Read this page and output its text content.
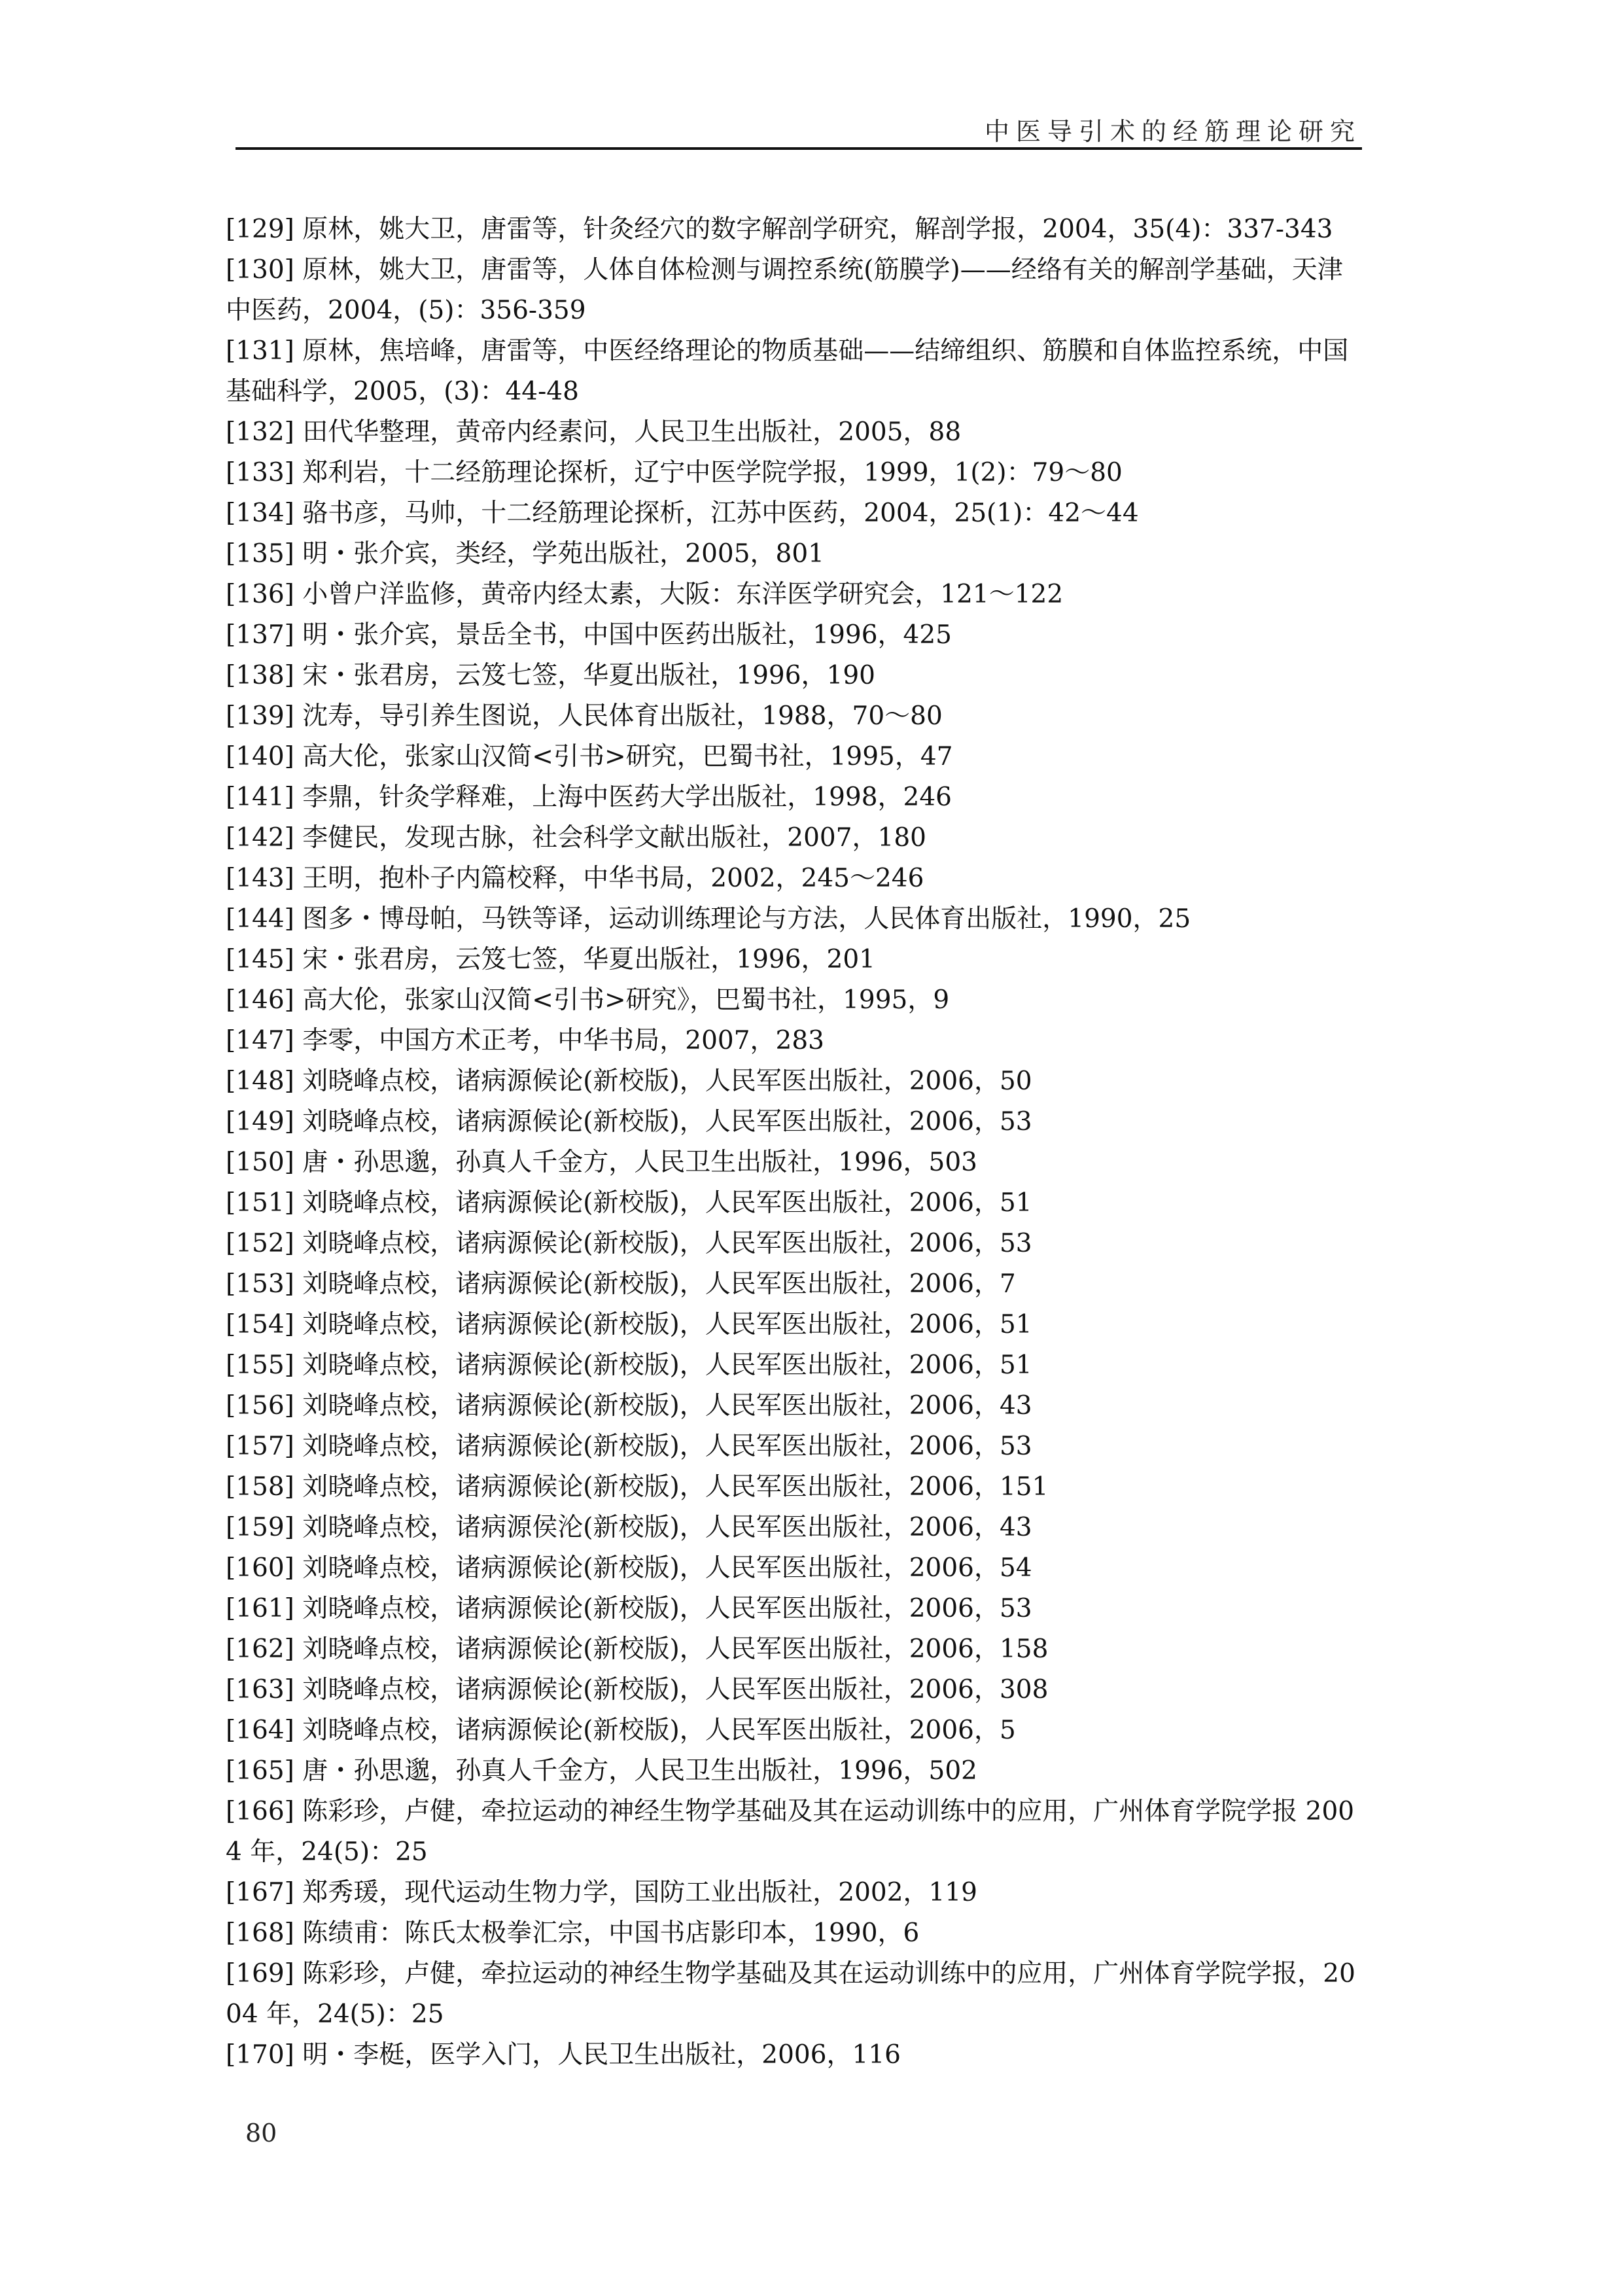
中医导引术的经筋理论研究
[129] 原林，姚大卫，唐雷等，针灸经穴的数字解剖学研究，解剖学报，2004，35(4)：337-343
[130] 原林，姚大卫，唐雷等，人体自体检测与调控系统(筋膜学)——经络有关的解剖学基础，天津中医药，2004，(5)：356-359
[131] 原林，焦培峰，唐雷等，中医经络理论的物质基础——结缔组织、筋膜和自体监控系统，中国基础科学，2005，(3)：44-48
[132] 田代华整理，黄帝内经素问，人民卫生出版社，2005，88
[133] 郑利岩，十二经筋理论探析，辽宁中医学院学报，1999，1(2)：79～80
[134] 骆书彦，马帅，十二经筋理论探析，江苏中医药，2004，25(1)：42～44
[135] 明・张介宾，类经，学苑出版社，2005，801
[136] 小曾户洋监修，黄帝内经太素，大阪：东洋医学研究会，121～122
[137] 明・张介宾，景岳全书，中国中医药出版社，1996，425
[138] 宋・张君房，云笈七签，华夏出版社，1996，190
[139] 沈寿，导引养生图说，人民体育出版社，1988，70～80
[140] 高大伦，张家山汉简<引书>研究，巴蜀书社，1995，47
[141] 李鼎，针灸学释难，上海中医药大学出版社，1998，246
[142] 李健民，发现古脉，社会科学文献出版社，2007，180
[143] 王明，抱朴子内篇校释，中华书局，2002，245～246
[144] 图多・博母帕，马铁等译，运动训练理论与方法，人民体育出版社，1990，25
[145] 宋・张君房，云笈七签，华夏出版社，1996，201
[146] 高大伦，张家山汉简<引书>研究》，巴蜀书社，1995，9
[147] 李零，中国方术正考，中华书局，2007，283
[148] 刘晓峰点校，诸病源候论(新校版)，人民军医出版社，2006，50
[149] 刘晓峰点校，诸病源候论(新校版)，人民军医出版社，2006，53
[150] 唐・孙思邈，孙真人千金方，人民卫生出版社，1996，503
[151] 刘晓峰点校，诸病源候论(新校版)，人民军医出版社，2006，51
[152] 刘晓峰点校，诸病源候论(新校版)，人民军医出版社，2006，53
[153] 刘晓峰点校，诸病源候论(新校版)，人民军医出版社，2006，7
[154] 刘晓峰点校，诸病源候论(新校版)，人民军医出版社，2006，51
[155] 刘晓峰点校，诸病源候论(新校版)，人民军医出版社，2006，51
[156] 刘晓峰点校，诸病源候论(新校版)，人民军医出版社，2006，43
[157] 刘晓峰点校，诸病源候论(新校版)，人民军医出版社，2006，53
[158] 刘晓峰点校，诸病源候论(新校版)，人民军医出版社，2006，151
[159] 刘晓峰点校，诸病源侯沦(新校版)，人民军医出版社，2006，43
[160] 刘晓峰点校，诸病源候论(新校版)，人民军医出版社，2006，54
[161] 刘晓峰点校，诸病源候论(新校版)，人民军医出版社，2006，53
[162] 刘晓峰点校，诸病源候论(新校版)，人民军医出版社，2006，158
[163] 刘晓峰点校，诸病源候论(新校版)，人民军医出版社，2006，308
[164] 刘晓峰点校，诸病源候论(新校版)，人民军医出版社，2006，5
[165] 唐・孙思邈，孙真人千金方，人民卫生出版社，1996，502
[166] 陈彩珍，卢健，牵拉运动的神经生物学基础及其在运动训练中的应用，广州体育学院学报 2004 年，24(5)：25
[167] 郑秀瑗，现代运动生物力学，国防工业出版社，2002，119
[168] 陈绩甫：陈氏太极拳汇宗，中国书店影印本，1990，6
[169] 陈彩珍，卢健，牵拉运动的神经生物学基础及其在运动训练中的应用，广州体育学院学报，2004 年，24(5)：25
[170] 明・李梃，医学入门，人民卫生出版社，2006，116
80
